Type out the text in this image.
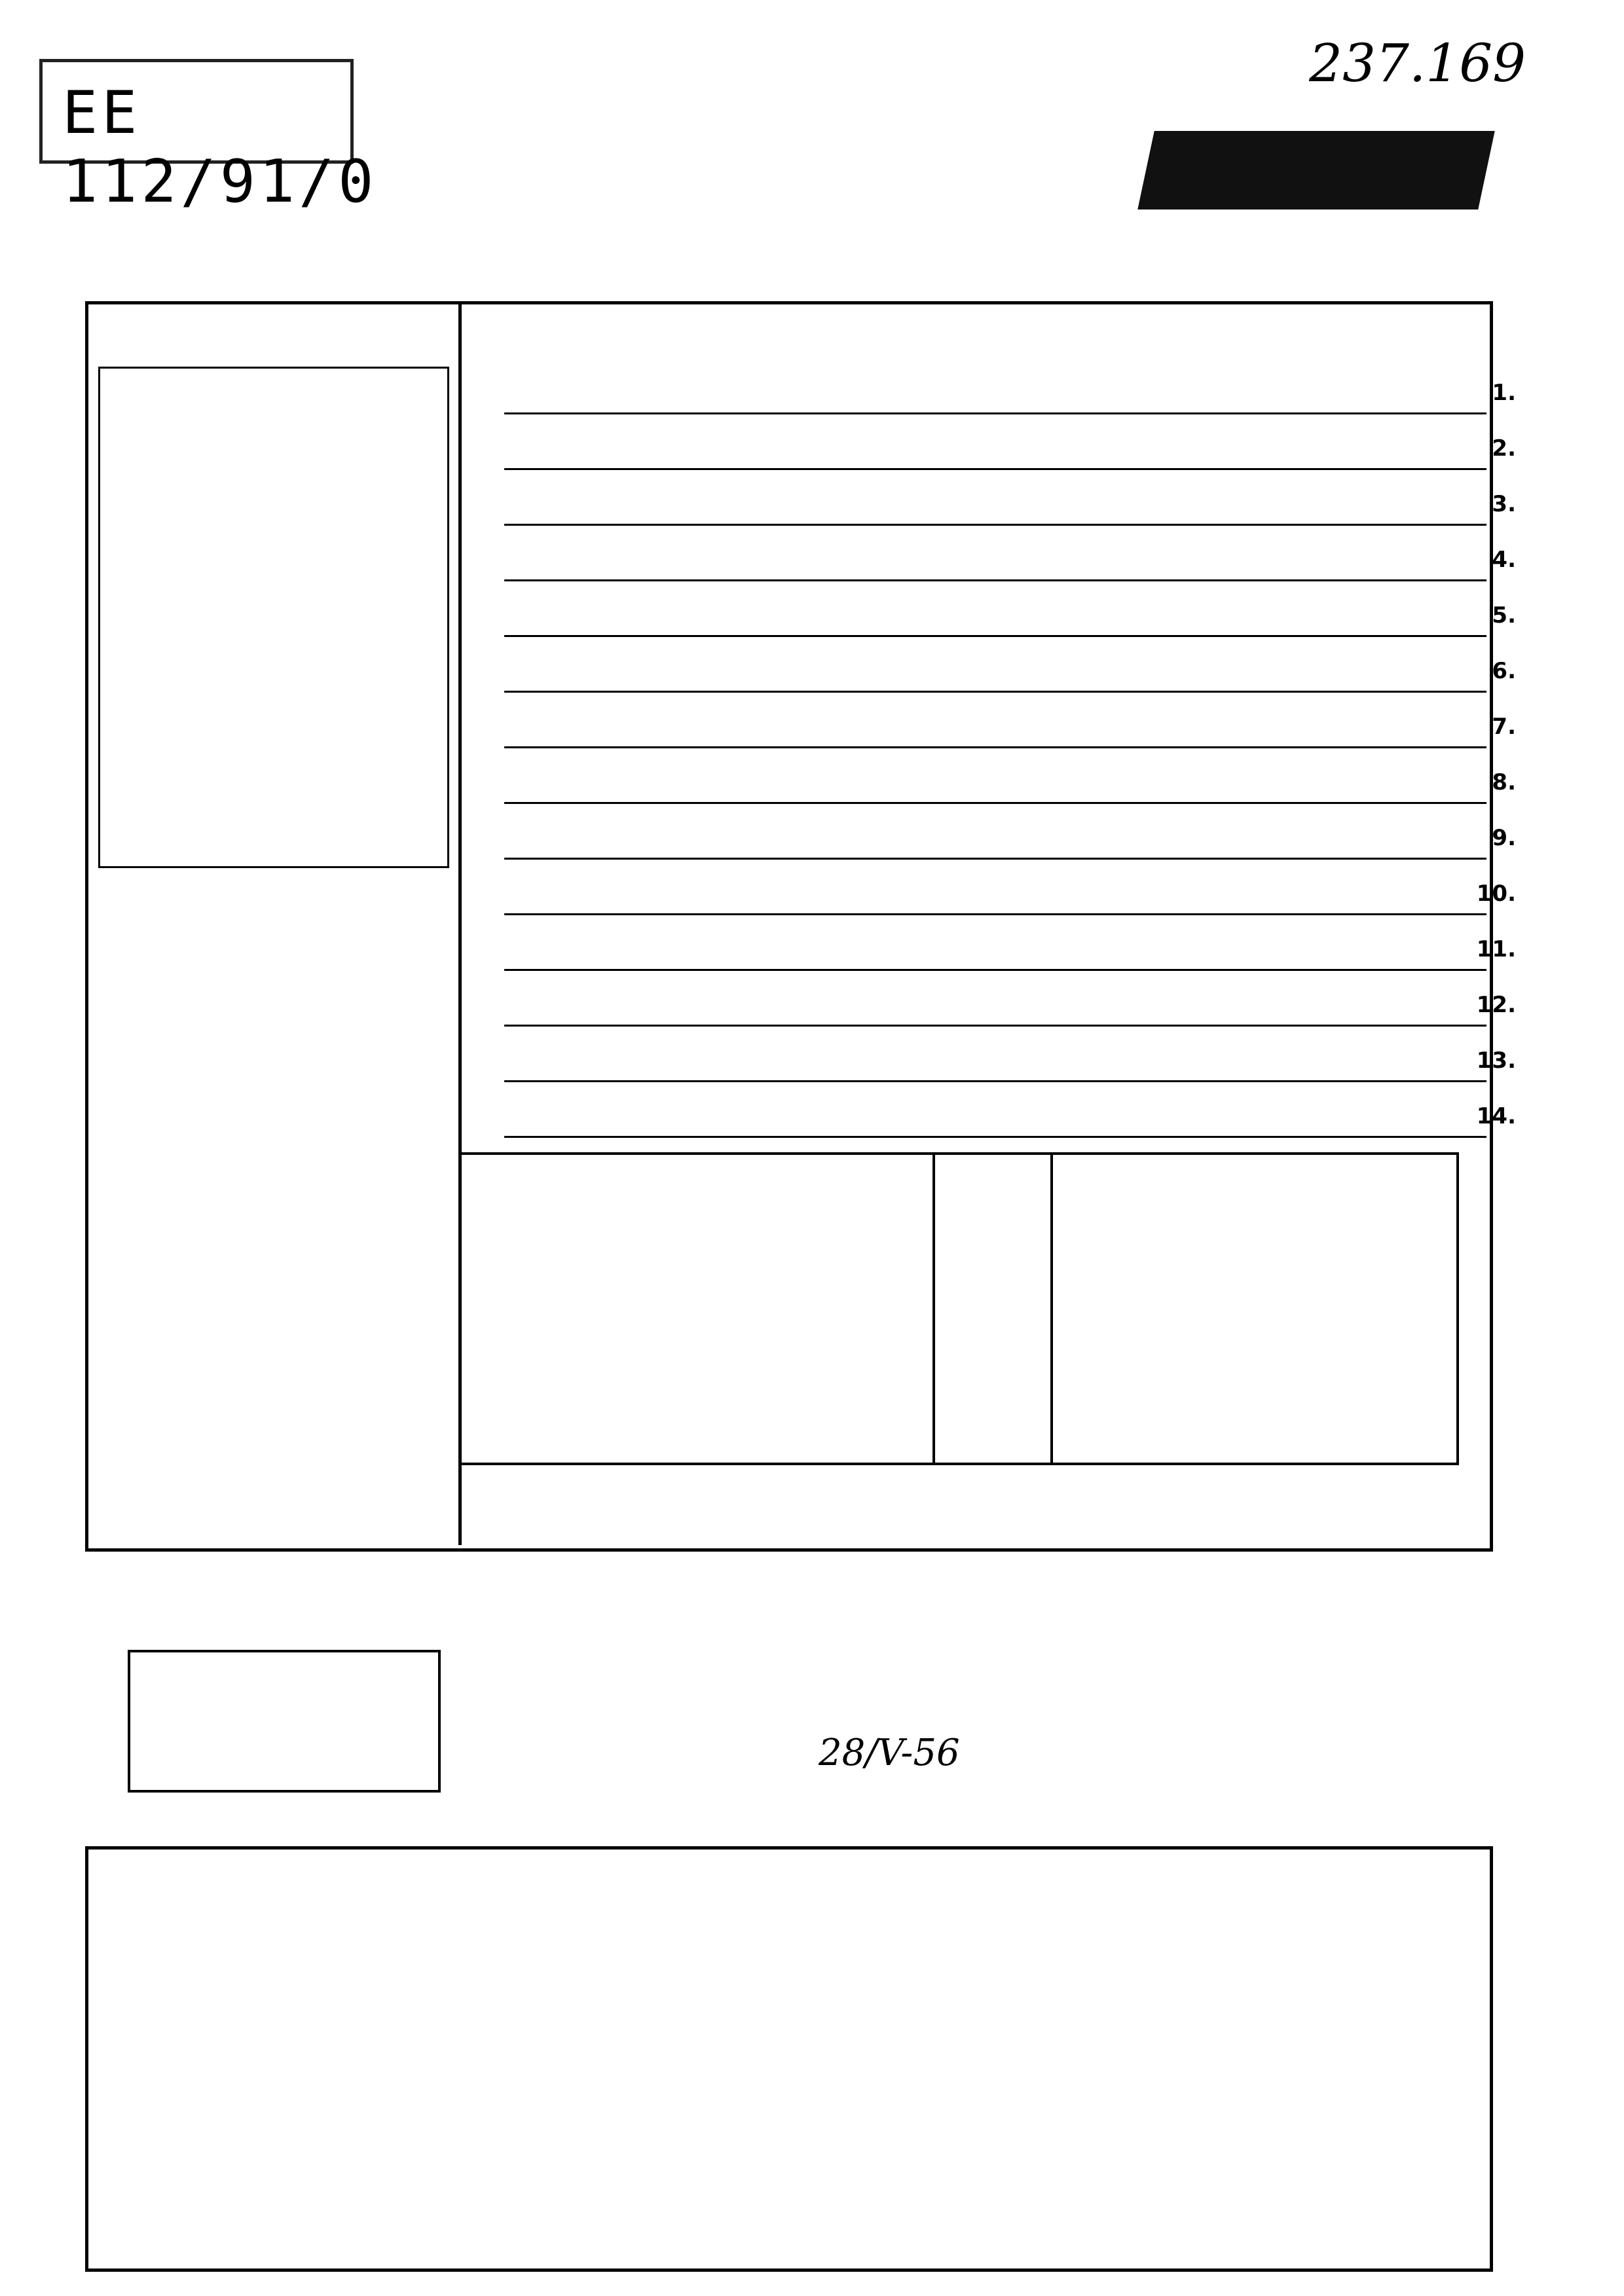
EE 112/91/0
237.169
1.
2.
3.
4.
5.
6.
7.
8.
9.
10.
11.
12.
13.
14.
28/V-56
